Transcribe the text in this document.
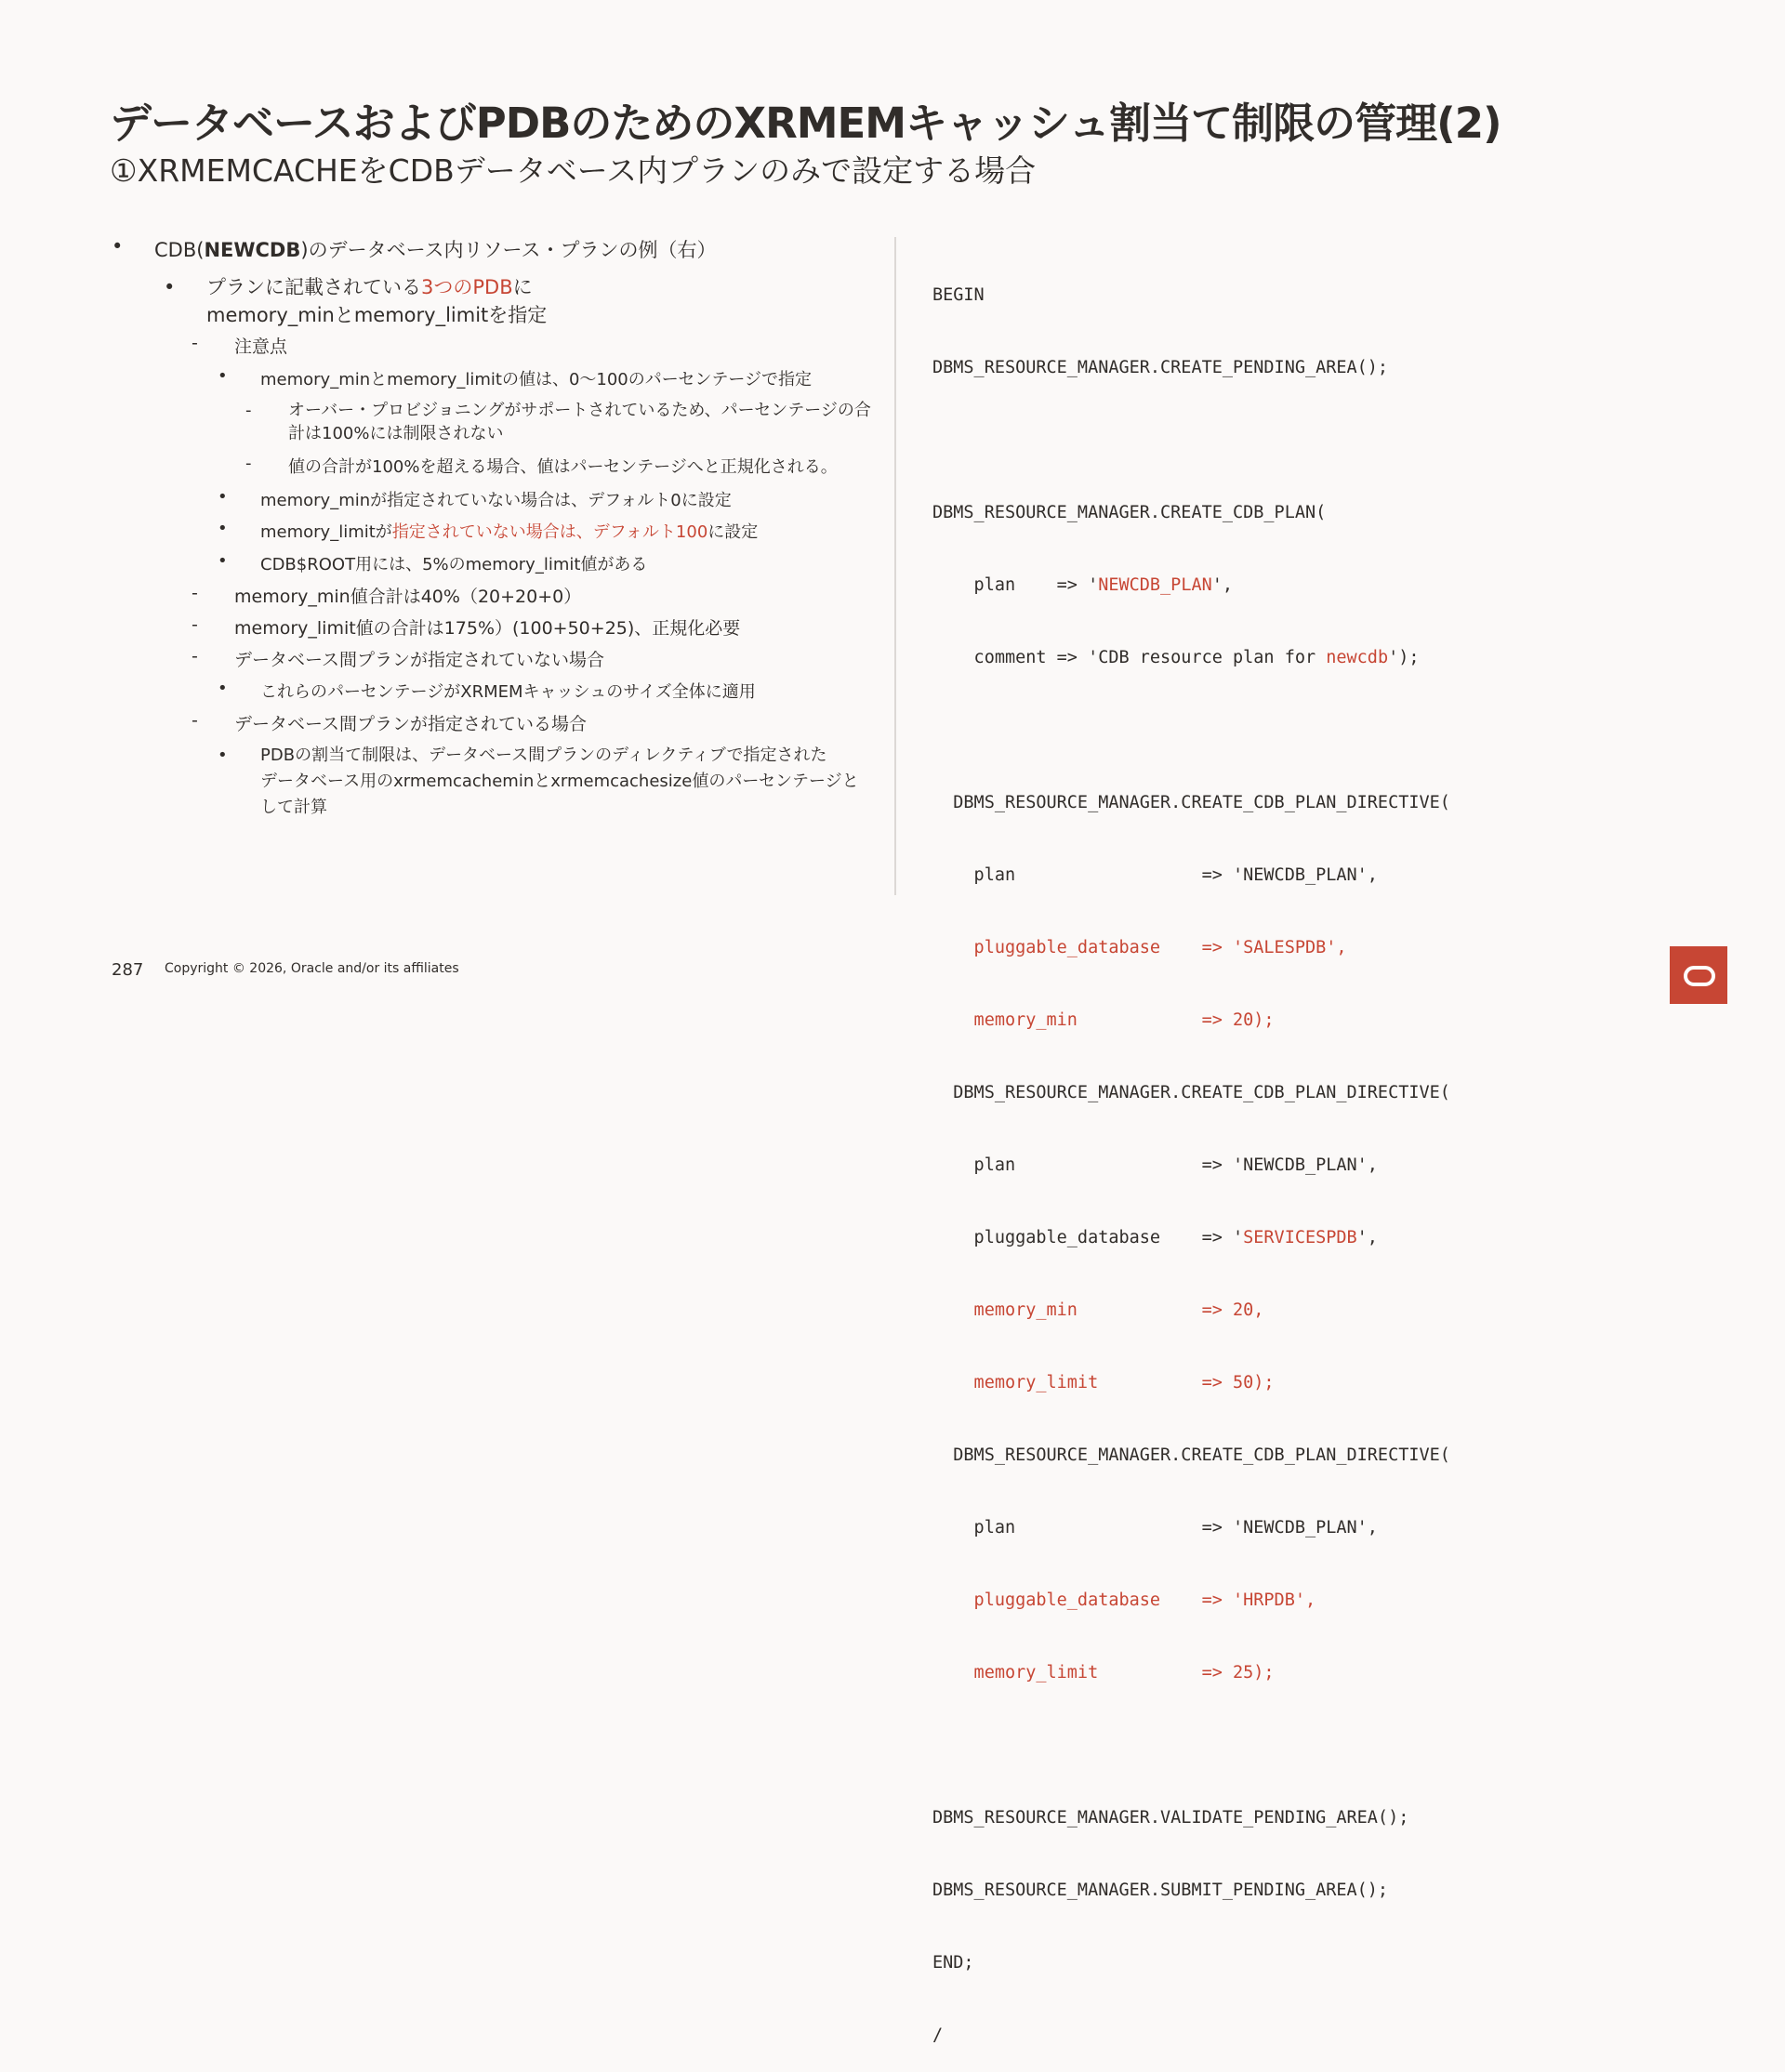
データベースおよびPDBのためのXRMEMキャッシュ割当て制限の管理(2)
①XRMEMCACHEをCDBデータベース内プランのみで設定する場合
•	CDB(NEWCDB)のデータベース内リソース・プランの例（右）
•	プランに記載されている3つのPDBに
memory_minとmemory_limitを指定
-	注意点
•	memory_minとmemory_limitの値は、0～100のパーセンテージで指定
-	オーバー・プロビジョニングがサポートされているため、パーセンテージの合
計は100%には制限されない
-	値の合計が100%を超える場合、値はパーセンテージへと正規化される。
•	memory_minが指定されていない場合は、デフォルト0に設定
•	memory_limitが指定されていない場合は、デフォルト100に設定
•	CDB$ROOT用には、5%のmemory_limit値がある
-	memory_min値合計は40%（20+20+0）
-	memory_limit値の合計は175%）(100+50+25)、正規化必要
-	データベース間プランが指定されていない場合
•	これらのパーセンテージがXRMEMキャッシュのサイズ全体に適用
-	データベース間プランが指定されている場合
•	PDBの割当て制限は、データベース間プランのディレクティブで指定された
データベース用のxrmemcacheminとxrmemcachesize値のパーセンテージと
して計算

BEGIN

DBMS_RESOURCE_MANAGER.CREATE_PENDING_AREA();

DBMS_RESOURCE_MANAGER.CREATE_CDB_PLAN(

plan    => 'NEWCDB_PLAN',

comment => 'CDB resource plan for newcdb');

DBMS_RESOURCE_MANAGER.CREATE_CDB_PLAN_DIRECTIVE(

plan                  => 'NEWCDB_PLAN',

pluggable_database    => 'SALESPDB',

memory_min            => 20);

DBMS_RESOURCE_MANAGER.CREATE_CDB_PLAN_DIRECTIVE(

plan                  => 'NEWCDB_PLAN',

pluggable_database    => 'SERVICESPDB',

memory_min            => 20,

memory_limit          => 50);

DBMS_RESOURCE_MANAGER.CREATE_CDB_PLAN_DIRECTIVE(

plan                  => 'NEWCDB_PLAN',

pluggable_database    => 'HRPDB',

memory_limit          => 25);

DBMS_RESOURCE_MANAGER.VALIDATE_PENDING_AREA();

DBMS_RESOURCE_MANAGER.SUBMIT_PENDING_AREA();

END;

/

287 Copyright © 2026, Oracle and/or its affiliates
